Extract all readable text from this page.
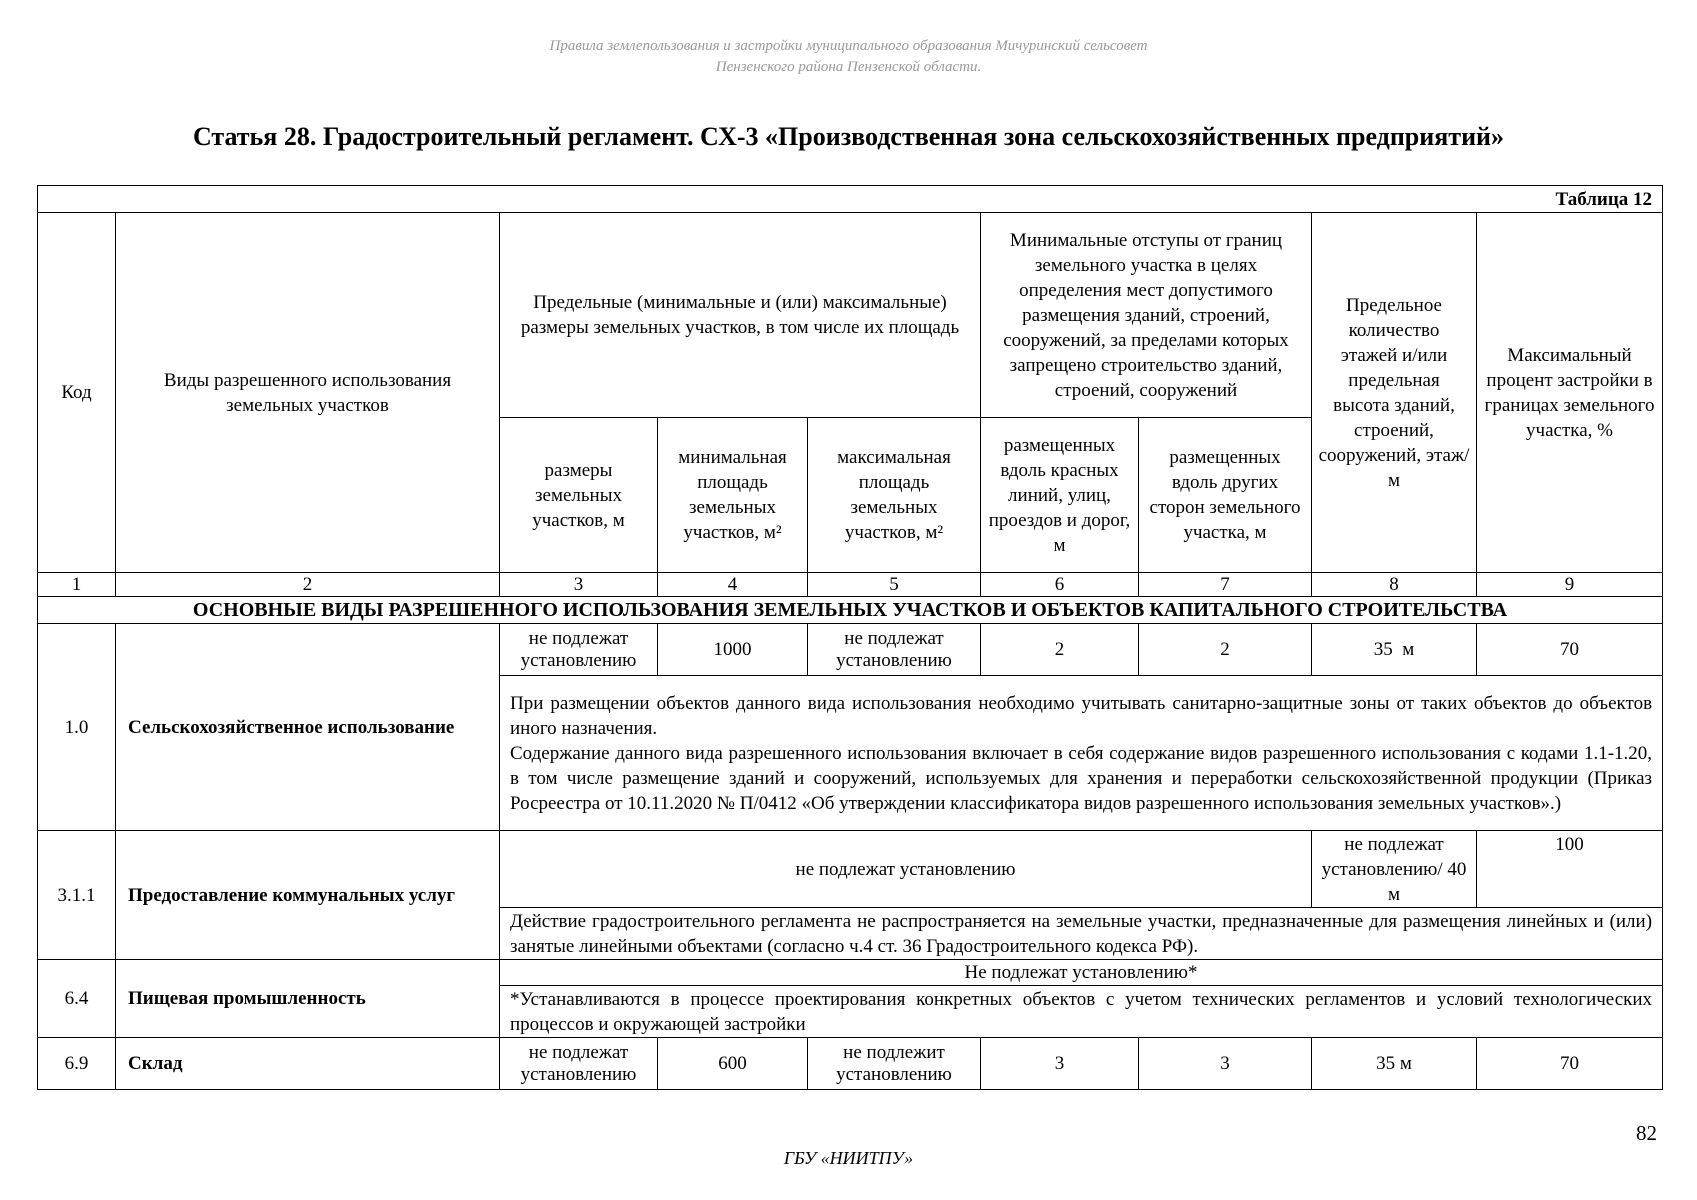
Правила землепользования и застройки муниципального образования Мичуринский сельсовет
Пензенского района Пензенской области.
Статья 28. Градостроительный регламент. СХ-3 «Производственная зона сельскохозяйственных предприятий»
Таблица 12								
Код	Виды разрешенного использования земельных участков	Предельные (минимальные и (или) максимальные) размеры земельных участков, в том числе их площадь			Минимальные отступы от границ земельного участка в целях определения мест допустимого размещения зданий, строений, сооружений, за пределами которых запрещено строительство зданий, строений, сооружений		Предельное количество этажей и/или предельная высота зданий, строений, сооружений, этаж/м	Максимальный процент застройки в границах земельного участка, %
		размеры земельных участков, м	минимальная площадь земельных участков, м²	максимальная площадь земельных участков, м²	размещенных вдоль красных линий, улиц, проездов и дорог, м	размещенных вдоль других сторон земельного участка, м		
1	2	3	4	5	6	7	8	9
ОСНОВНЫЕ ВИДЫ РАЗРЕШЕННОГО ИСПОЛЬЗОВАНИЯ ЗЕМЕЛЬНЫХ УЧАСТКОВ И ОБЪЕКТОВ КАПИТАЛЬНОГО СТРОИТЕЛЬСТВА								
1.0	Сельскохозяйственное использование	не подлежат установлению	1000	не подлежат установлению	2	2	35  м	70

		При размещении объектов данного вида использования необходимо учитывать санитарно-защитные зоны от таких объектов до объектов иного назначения.
Содержание данного вида разрешенного использования включает в себя содержание видов разрешенного использования с кодами 1.1-1.20, в том числе размещение зданий и сооружений, используемых для хранения и переработки сельскохозяйственной продукции (Приказ Росреестра от 10.11.2020 № П/0412 «Об утверждении классификатора видов разрешенного использования земельных участков».)						

3.1.1	Предоставление коммунальных услуг	не подлежат установлению					не подлежат установлению/ 40 м	100
		Действие градостроительного регламента не распространяется на земельные участки, предназначенные для размещения линейных и (или) занятые линейными объектами (согласно ч.4 ст. 36 Градостроительного кодекса РФ).						
6.4	Пищевая промышленность	Не подлежат установлению*						
		*Устанавливаются в процессе проектирования конкретных объектов с учетом технических регламентов и условий технологических процессов и окружающей застройки						
6.9	Склад	не подлежат установлению	600	не подлежит установлению	3	3	35 м	70
82
ГБУ «НИИТПУ»
